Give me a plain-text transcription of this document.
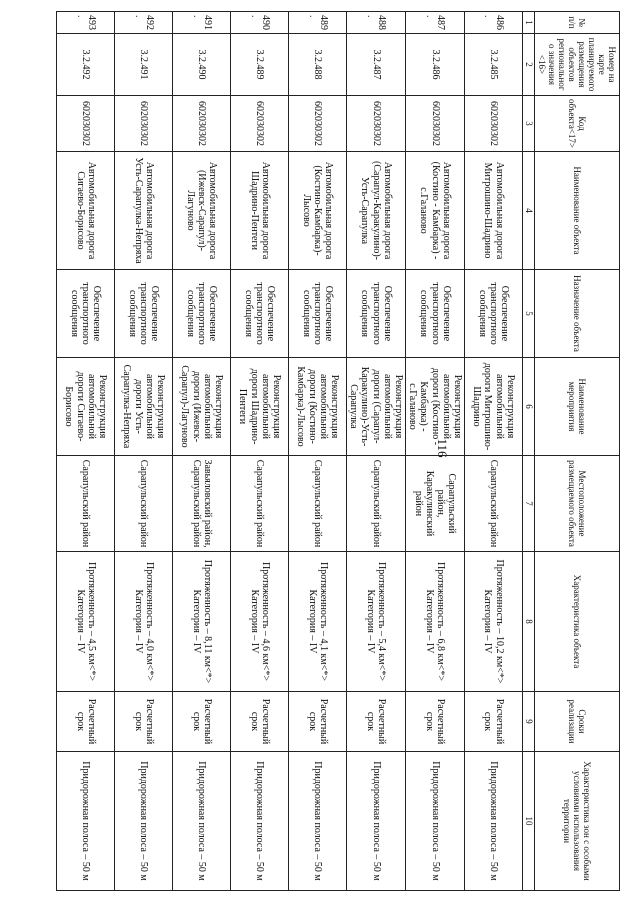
116
№ п/п	Номер на карте планируемого размещения объектов регионального значения <16>	Код объекта<17>	Наименование объекта	Назначение объекта	Наименование мероприятия	Местоположение размещаемого объекта	Характеристика объекта	Сроки реализации	Характеристика зон с особыми условиями использования территории
1	2	3	4	5	6	7	8	9	10
486.	3.2.485	602030302	Автомобильная дорога Митрошино-Шадрино	Обеспечение транспортного сообщения	Реконструкция автомобильной дороги Митрошино-Шадрино	Сарапульский район	Протяженность – 10,2 км<*> Категория – IV	Расчетный срок	Придорожная полоса – 50 м
487.	3.2.486	602030302	Автомобильная дорога (Костино - Камбарка) - с.Галаново	Обеспечение транспортного сообщения	Реконструкция автомобильной дороги (Костино - Камбарка) - с.Галаново	Сарапульский район, Каракулинский район	Протяженность – 6,8 км<*> Категория – IV	Расчетный срок	Придорожная полоса – 50 м
488.	3.2.487	602030302	Автомобильная дорога (Сарапул-Каракулино)-Усть-Сарапулка	Обеспечение транспортного сообщения	Реконструкция автомобильной дороги (Сарапул-Каракулино)-Усть-Сарапулка	Сарапульский район	Протяженность – 5,4 км<*> Категория – IV	Расчетный срок	Придорожная полоса – 50 м
489.	3.2.488	602030302	Автомобильная дорога (Костино-Камбарка)-Лысово	Обеспечение транспортного сообщения	Реконструкция автомобильной дороги (Костино-Камбарка)-Лысово	Сарапульский район	Протяженность – 4,1 км<*> Категория – IV	Расчетный срок	Придорожная полоса – 50 м
490.	3.2.489	602030302	Автомобильная дорога Шадрино-Пентеги	Обеспечение транспортного сообщения	Реконструкция автомобильной дороги Шадрино-Пентеги	Сарапульский район	Протяженность – 4,6 км<*> Категория – IV	Расчетный срок	Придорожная полоса – 50 м
491.	3.2.490	602030302	Автомобильная дорога (Ижевск-Сарапул)-Лагуново	Обеспечение транспортного сообщения	Реконструкция автомобильной дороги (Ижевск-Сарапул)-Лагуново	Завьяловский район, Сарапульский район	Протяженность – 8,11 км<*> Категория – IV	Расчетный срок	Придорожная полоса – 50 м
492.	3.2.491	602030302	Автомобильная дорога Усть-Сарапулка-Непряха	Обеспечение транспортного сообщения	Реконструкция автомобильной дороги Усть-Сарапулка-Непряха	Сарапульский район	Протяженность – 4,0 км<*> Категория – IV	Расчетный срок	Придорожная полоса – 50 м
493.	3.2.492	602030302	Автомобильная дорога Сигаево-Борисово	Обеспечение транспортного сообщения	Реконструкция автомобильной дороги Сигаево-Борисово	Сарапульский район	Протяженность – 4,5 км<*> Категория – IV	Расчетный срок	Придорожная полоса – 50 м
